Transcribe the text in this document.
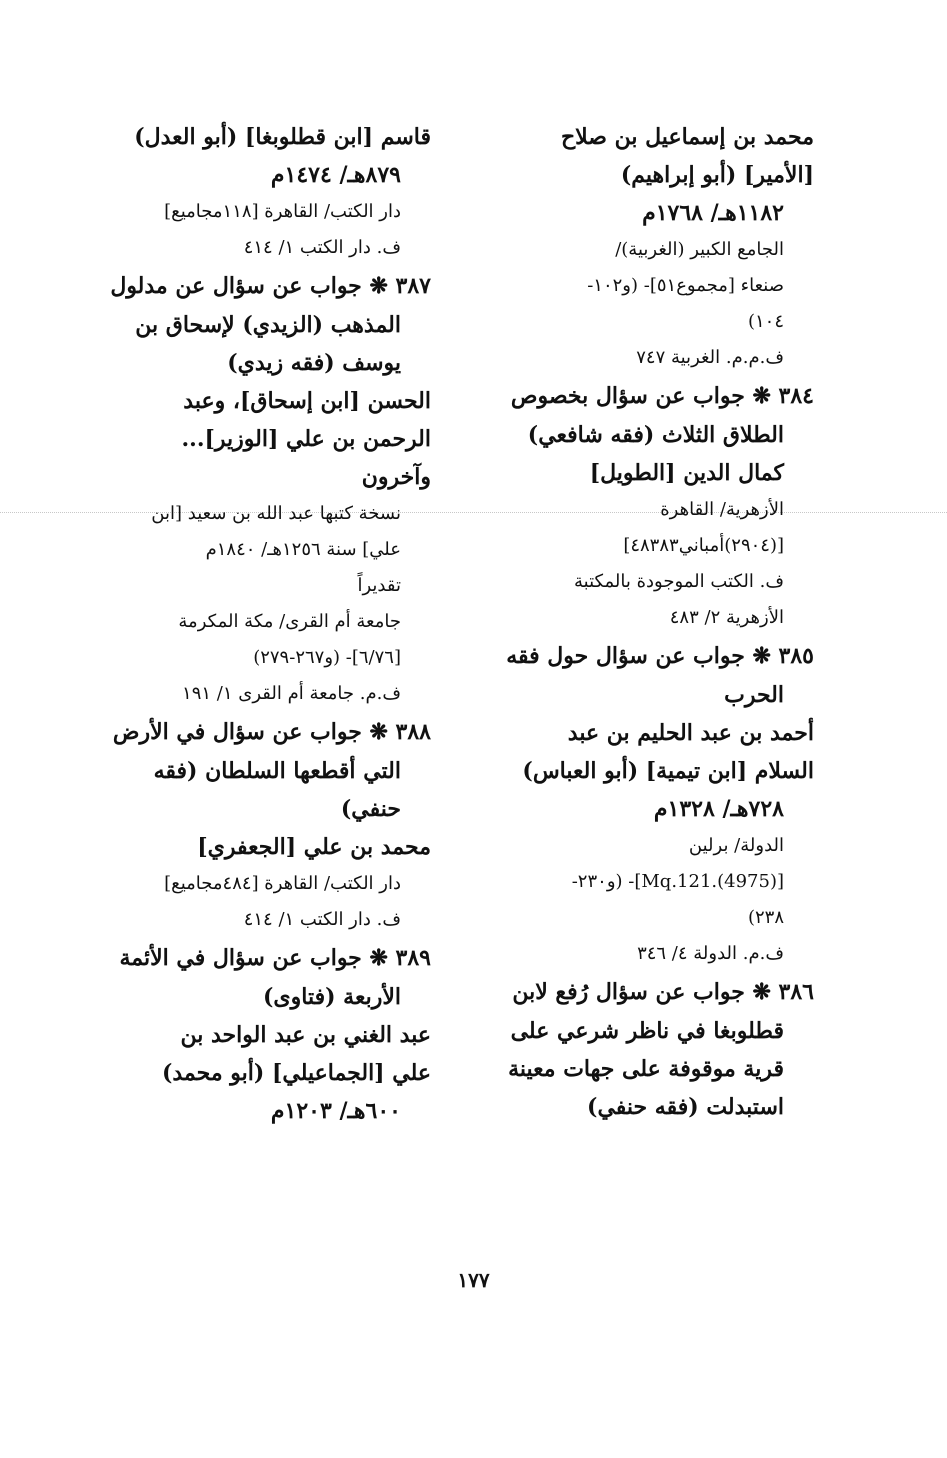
محمد بن إسماعيل بن صلاح
[الأمير] (أبو إبراهيم)
١١٨٢هـ/ ١٧٦٨م
الجامع الكبير (الغربية)/
صنعاء [مجموع٥١]- (و١٠٢-
١٠٤)
ف.م.م. الغربية ٧٤٧
٣٨٤ ❋ جواب عن سؤال بخصوص
الطلاق الثلاث (فقه شافعي)
كمال الدين [الطويل]
الأزهرية/ القاهرة
[(٢٩٠٤)أمباني٤٨٣٨٣]
ف. الكتب الموجودة بالمكتبة
الأزهرية ٢/ ٤٨٣
٣٨٥ ❋ جواب عن سؤال حول فقه
الحرب
أحمد بن عبد الحليم بن عبد
السلام [ابن تيمية] (أبو العباس)
٧٢٨هـ/ ١٣٢٨م
الدولة/ برلين
[Mq.121.(4975)]- (و٢٣٠-
٢٣٨)
ف.م. الدولة ٤/ ٣٤٦
٣٨٦ ❋ جواب عن سؤال رُفع لابن
قطلوبغا في ناظر شرعي على
قرية موقوفة على جهات معينة
استبدلت (فقه حنفي)
قاسم [ابن قطلوبغا] (أبو العدل)
٨٧٩هـ/ ١٤٧٤م
دار الكتب/ القاهرة [١١٨مجاميع]
ف. دار الكتب ١/ ٤١٤
٣٨٧ ❋ جواب عن سؤال عن مدلول
المذهب (الزيدي) لإسحاق بن
يوسف (فقه زيدي)
الحسن [ابن إسحاق]، وعبد
الرحمن بن علي [الوزير]...
وآخرون
نسخة كتبها عبد الله بن سعيد [ابن
علي] سنة ١٢٥٦هـ/ ١٨٤٠م
تقديراً
جامعة أم القرى/ مكة المكرمة
[٦/٧٦]- (و٢٦٧-٢٧٩)
ف.م. جامعة أم القرى ١/ ١٩١
٣٨٨ ❋ جواب عن سؤال في الأرض
التي أقطعها السلطان (فقه
حنفي)
محمد بن علي [الجعفري]
دار الكتب/ القاهرة [٤٨٤مجاميع]
ف. دار الكتب ١/ ٤١٤
٣٨٩ ❋ جواب عن سؤال في الأئمة
الأربعة (فتاوى)
عبد الغني بن عبد الواحد بن
علي [الجماعيلي] (أبو محمد)
٦٠٠هـ/ ١٢٠٣م
١٧٧
